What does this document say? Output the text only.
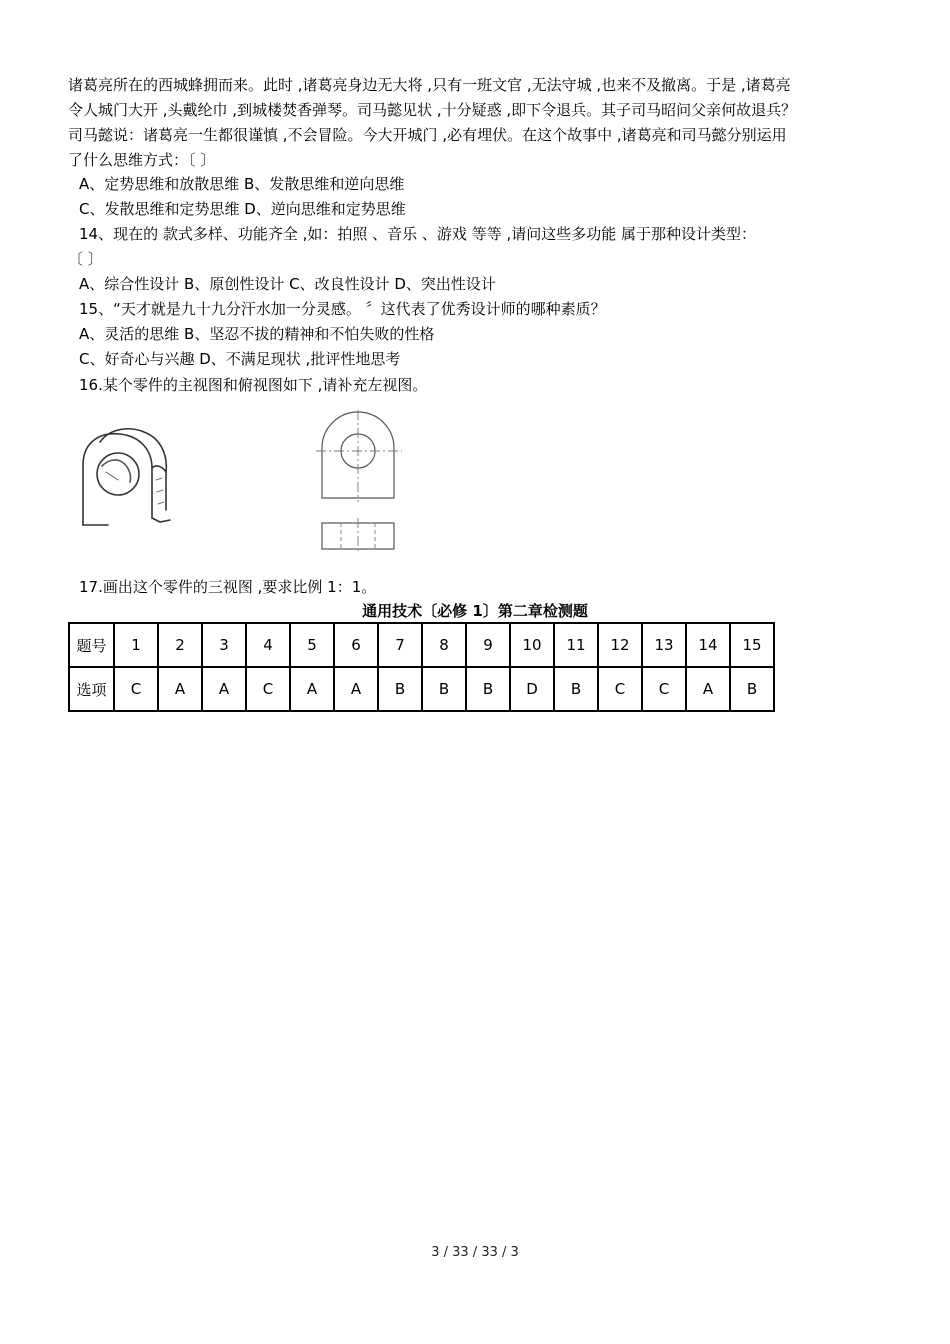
诸葛亮所在的西城蜂拥而来。此时 ,诸葛亮身边无大将 ,只有一班文官 ,无法守城 ,也来不及撤离。于是 ,诸葛亮
令人城门大开 ,头戴纶巾 ,到城楼焚香弹琴。司马懿见状 ,十分疑惑 ,即下令退兵。其子司马昭问父亲何故退兵？
司马懿说：诸葛亮一生都很谨慎 ,不会冒险。今大开城门 ,必有埋伏。在这个故事中 ,诸葛亮和司马懿分别运用
了什么思维方式：〔 〕
A、定势思维和放散思维 B、发散思维和逆向思维
C、发散思维和定势思维 D、逆向思维和定势思维
14、现在的 款式多样、功能齐全 ,如：拍照 、音乐 、游戏 等等 ,请问这些多功能 属于那种设计类型：
〔 〕
A、综合性设计 B、原创性设计 C、改良性设计 D、突出性设计
15、“天才就是九十九分汗水加一分灵感。 〞这代表了优秀设计师的哪种素质？
A、灵活的思维 B、坚忍不拔的精神和不怕失败的性格
C、好奇心与兴趣 D、不满足现状 ,批评性地思考
16.某个零件的主视图和俯视图如下 ,请补充左视图。
17.画出这个零件的三视图 ,要求比例 1：1。
通用技术〔必修 1〕第二章检测题
题号	1	2	3	4	5	6	7	8	9	10	11	12	13	14	15
选项	C	A	A	C	A	A	B	B	B	D	B	C	C	A	B
3 / 33 / 33 / 3
